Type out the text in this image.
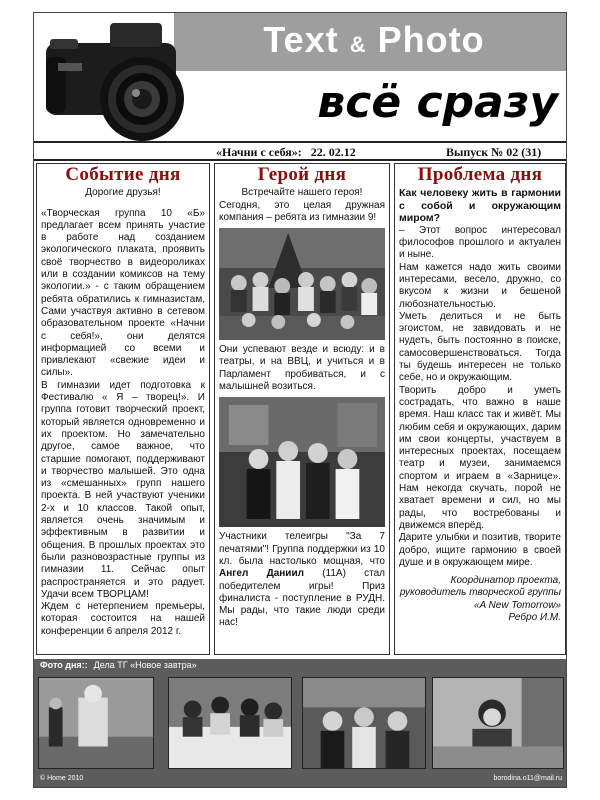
Text & Photo
всё сразу
«Начни с себя»: 22. 02.12	Выпуск № 02 (31)
Событие дня

Дорогие друзья!

«Творческая группа 10 «Б» предлагает всем принять участие в работе над созданием экологического плаката, проявить своё творчество в видеороликах или в создании комиксов на тему экологии.» - с таким обращением ребята обратились к гимназистам, Сами участвуя активно в сетевом образовательном проекте «Начни с себя!», они делятся информацией со всеми и привлекают «свежие идеи и силы».

В гимназии идет подготовка к Фестивалю « Я – творец!». И группа готовит творческий проект, который является одновременно и их проектом. Но замечательно другое, самое важное, что старшие помогают, поддерживают и творчество малышей. Это одна из «смешанных» групп нашего проекта. В ней участвуют ученики 2-х и 10 классов. Такой опыт, является очень значимым и эффективным в развитии и общения. В прошлых проектах это были разновозрастные группы из гимназии 11. Сейчас опыт распространяется и это радует. Удачи всем ТВОРЦАМ!

Ждем с нетерпением премьеры, которая состоится на нашей конференции 6 апреля 2012 г.

Герой дня

Встречайте нашего героя!

Сегодня, это целая дружная компания – ребята из гимназии 9!

Они успевают везде и всюду: и в театры, и на ВВЦ, и учиться и в Парламент пробиваться, и с малышней возиться.

Участники телеигры "За 7 печатями"! Группа поддержки из 10 кл. была настолько мощная, что Ангел Даниил (11А) стал победителем игры! Приз финалиста - поступление в РУДН. Мы рады, что такие люди среди нас!

Проблема дня

Как человеку жить в гармонии с собой и окружающим миром?

– Этот вопрос интересовал философов прошлого и актуален и ныне.

Нам кажется надо жить своими интересами, весело, дружно, со вкусом к жизни и бешеной любознательностью.

Уметь делиться и не быть эгоистом, не завидовать и не нудеть, быть постоянно в поиске, самосовершенствоваться. Тогда ты будешь интересен не только себе, но и окружающим.

Творить добро и уметь сострадать, что важно в наше время. Наш класс так и живёт. Мы любим себя и окружающих, дарим им свои концерты, участвуем в интересных проектах, посещаем театр и музеи, занимаемся спортом и играем в «Зарнице». Нам некогда скучать, порой не хватает времени и сил, но мы рады, что востребованы и движемся вперёд.

Дарите улыбки и позитив, творите добро, ищите гармонию в своей душе и в окружающем мире.

Координатор проекта, руководитель творческой группы «A New Tomorrow»

Ребро И.М.

Фото дня:: Дела ТГ «Новое завтра»
© Home 2010	borodina.o11@mail.ru
